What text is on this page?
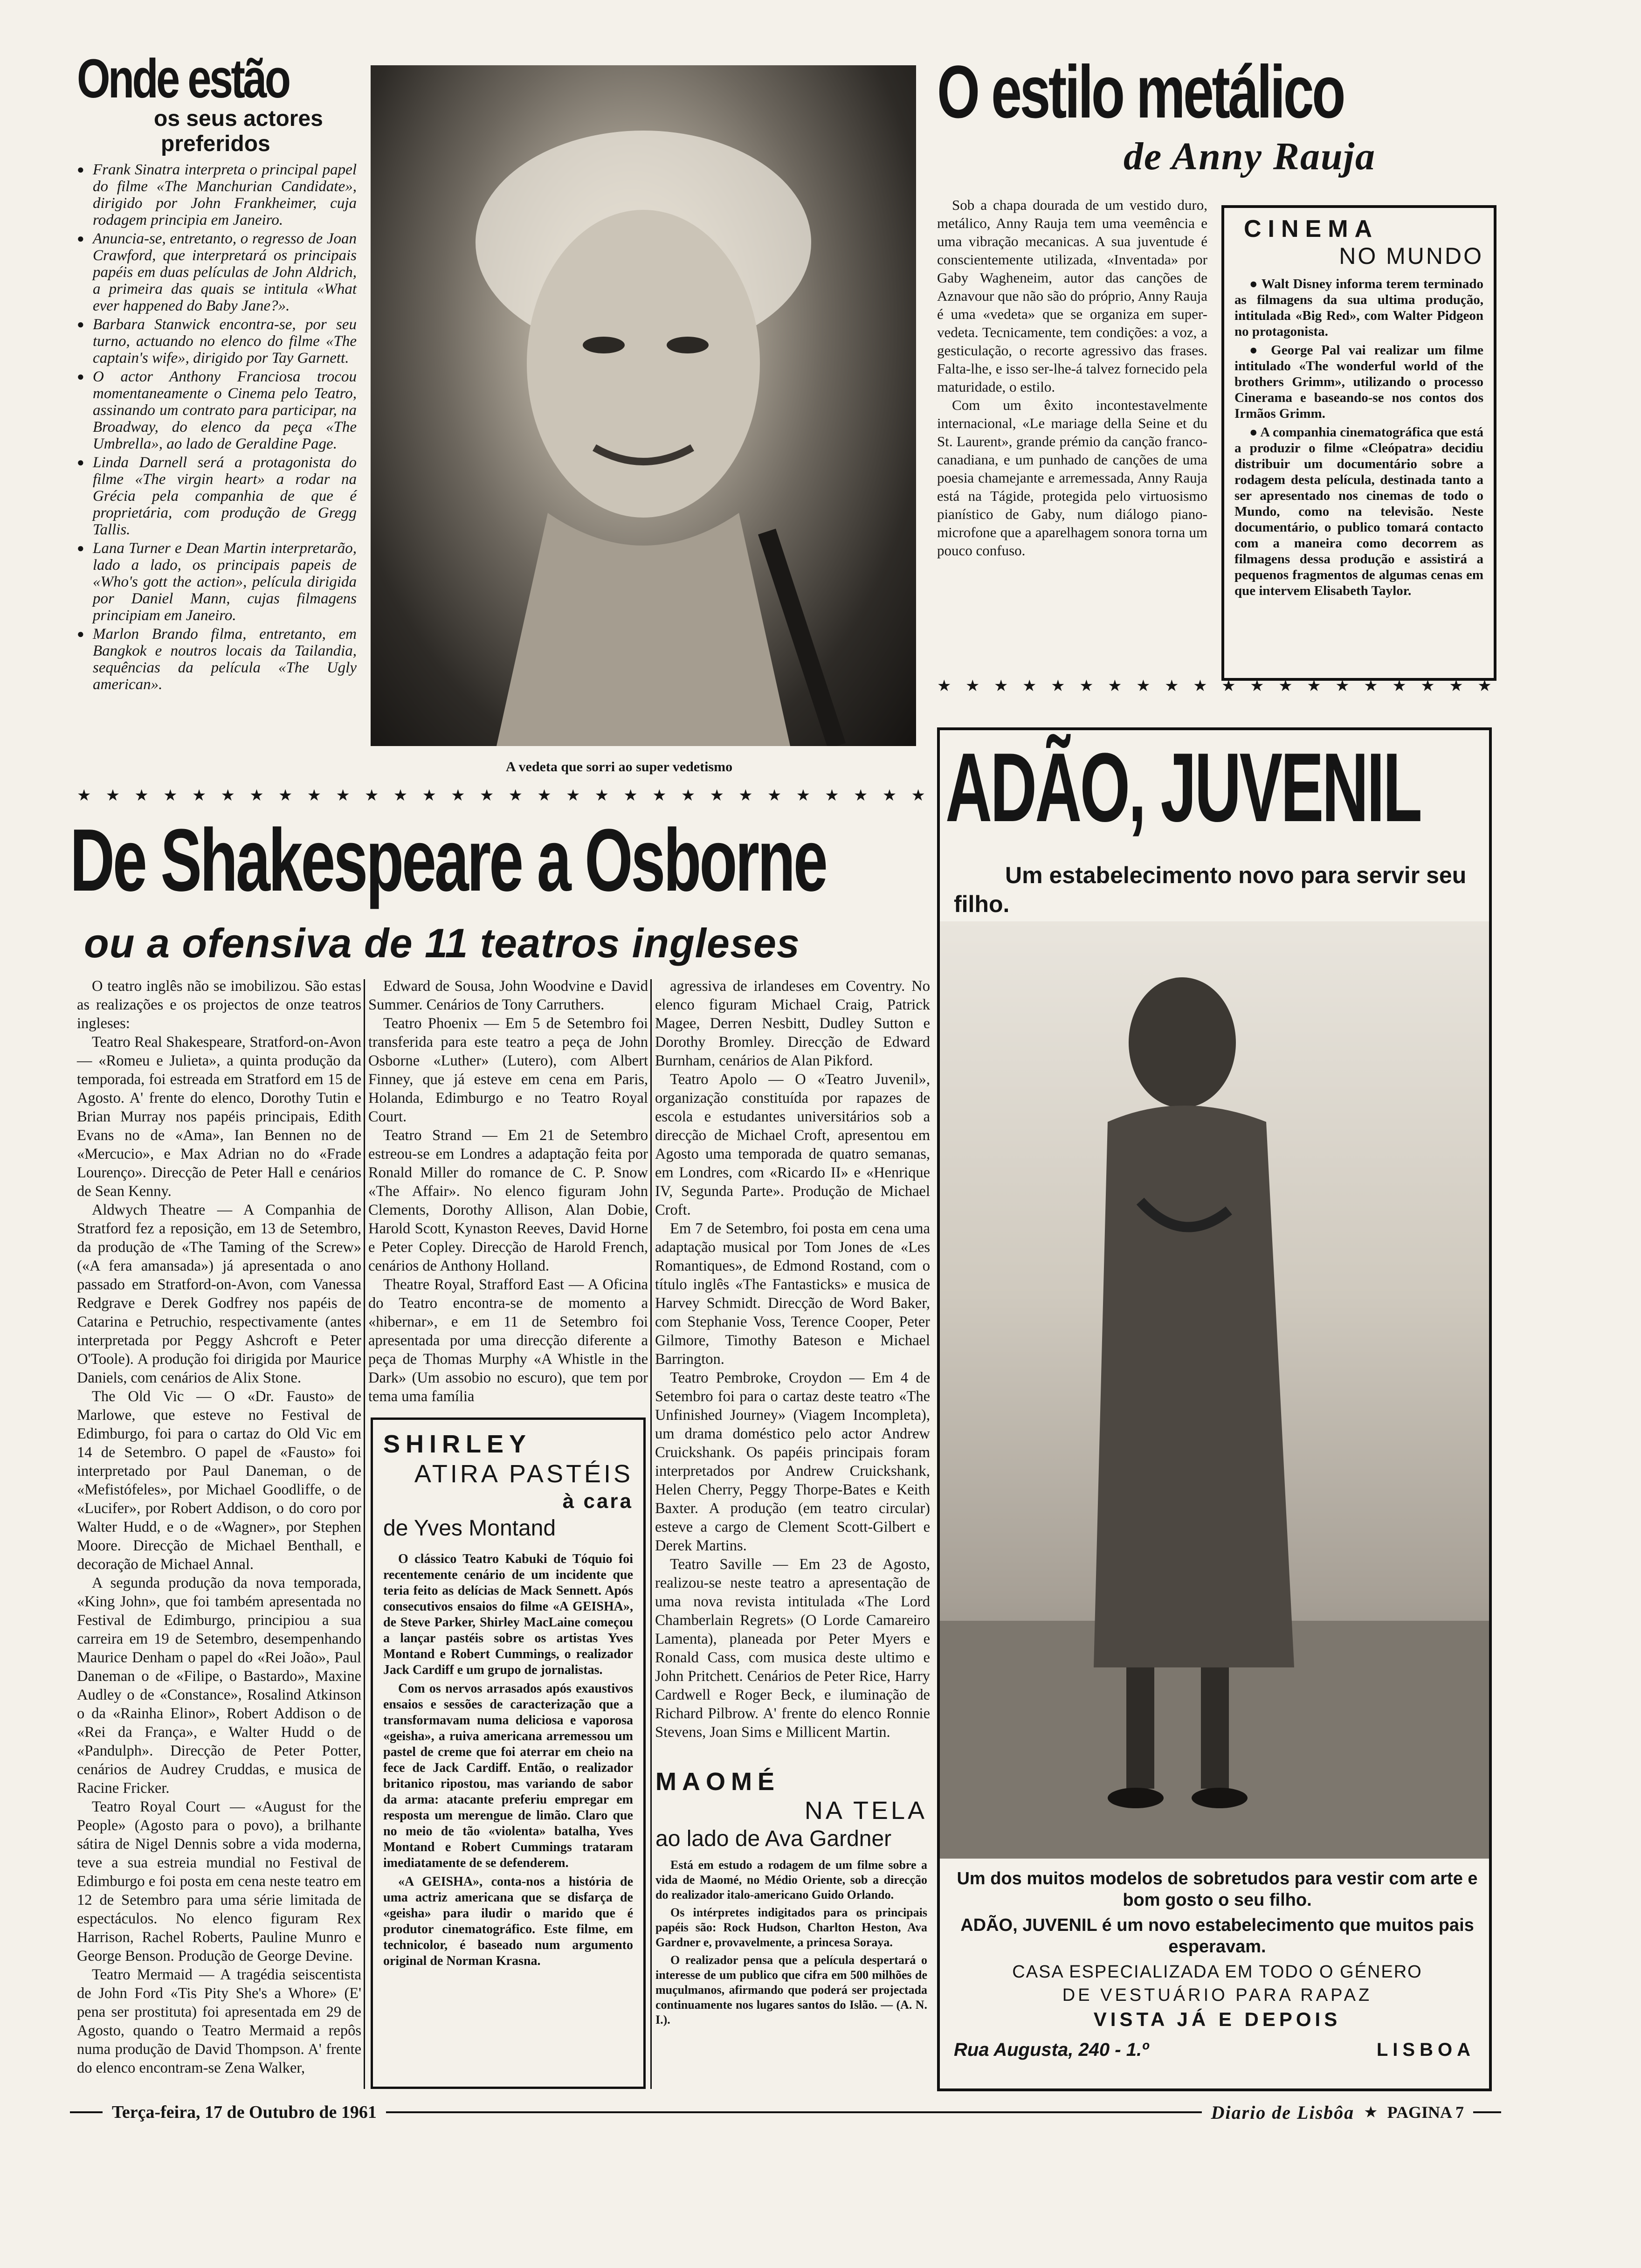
Onde estão
os seus actores
preferidos
● Frank Sinatra interpreta o principal papel do filme «The Manchurian Candidate», dirigido por John Frankheimer, cuja rodagem principia em Janeiro.
● Anuncia-se, entretanto, o regresso de Joan Crawford, que interpretará os principais papéis em duas películas de John Aldrich, a primeira das quais se intitula «What ever happened do Baby Jane?».
● Barbara Stanwick encontra-se, por seu turno, actuando no elenco do filme «The captain's wife», dirigido por Tay Garnett.
● O actor Anthony Franciosa trocou momentaneamente o Cinema pelo Teatro, assinando um contrato para participar, na Broadway, do elenco da peça «The Umbrella», ao lado de Geraldine Page.
● Linda Darnell será a protagonista do filme «The virgin heart» a rodar na Grécia pela companhia de que é proprietária, com produção de Gregg Tallis.
● Lana Turner e Dean Martin interpretarão, lado a lado, os principais papeis de «Who's gott the action», película dirigida por Daniel Mann, cujas filmagens principiam em Janeiro.
● Marlon Brando filma, entretanto, em Bangkok e noutros locais da Tailandia, sequências da película «The Ugly american».
A vedeta que sorri ao super vedetismo
O estilo metálico
de Anny Rauja

Sob a chapa dourada de um vestido duro, metálico, Anny Rauja tem uma veemência e uma vibração mecanicas. A sua juventude é conscientemente utilizada, «Inventada» por Gaby Wagheneim, autor das canções de Aznavour que não são do próprio, Anny Rauja é uma «vedeta» que se organiza em super-vedeta. Tecnicamente, tem condições: a voz, a gesticulação, o recorte agressivo das frases. Falta-lhe, e isso ser-lhe-á talvez fornecido pela maturidade, o estilo.

Com um êxito incontestavelmente internacional, «Le mariage della Seine et du St. Laurent», grande prémio da canção franco-canadiana, e um punhado de canções de uma poesia chamejante e arremessada, Anny Rauja está na Tágide, protegida pelo virtuosismo pianístico de Gaby, num diálogo piano-microfone que a aparelhagem sonora torna um pouco confuso.

CINEMA
NO MUNDO

● Walt Disney informa terem terminado as filmagens da sua ultima produção, intitulada «Big Red», com Walter Pidgeon no protagonista.

● George Pal vai realizar um filme intitulado «The wonderful world of the brothers Grimm», utilizando o processo Cinerama e baseando-se nos contos dos Irmãos Grimm.

● A companhia cinematográfica que está a produzir o filme «Cleópatra» decidiu distribuir um documentário sobre a rodagem desta película, destinada tanto a ser apresentado nos cinemas de todo o Mundo, como na televisão. Neste documentário, o publico tomará contacto com a maneira como decorrem as filmagens dessa produção e assistirá a pequenos fragmentos de algumas cenas em que intervem Elisabeth Taylor.

★ ★ ★ ★ ★ ★ ★ ★ ★ ★ ★ ★ ★ ★ ★ ★ ★ ★ ★ ★
★ ★ ★ ★ ★ ★ ★ ★ ★ ★ ★ ★ ★ ★ ★ ★ ★ ★ ★ ★ ★ ★ ★ ★ ★ ★ ★ ★ ★ ★
De Shakespeare a Osborne
ou a ofensiva de 11 teatros ingleses

O teatro inglês não se imobilizou. São estas as realizações e os projectos de onze teatros ingleses:

Teatro Real Shakespeare, Stratford-on-Avon — «Romeu e Julieta», a quinta produção da temporada, foi estreada em Stratford em 15 de Agosto. A' frente do elenco, Dorothy Tutin e Brian Murray nos papéis principais, Edith Evans no de «Ama», Ian Bennen no de «Mercucio», e Max Adrian no do «Frade Lourenço». Direcção de Peter Hall e cenários de Sean Kenny.

Aldwych Theatre — A Companhia de Stratford fez a reposição, em 13 de Setembro, da produção de «The Taming of the Screw» («A fera amansada») já apresentada o ano passado em Stratford-on-Avon, com Vanessa Redgrave e Derek Godfrey nos papéis de Catarina e Petruchio, respectivamente (antes interpretada por Peggy Ashcroft e Peter O'Toole). A produção foi dirigida por Maurice Daniels, com cenários de Alix Stone.

The Old Vic — O «Dr. Fausto» de Marlowe, que esteve no Festival de Edimburgo, foi para o cartaz do Old Vic em 14 de Setembro. O papel de «Fausto» foi interpretado por Paul Daneman, o de «Mefistófeles», por Michael Goodliffe, o de «Lucifer», por Robert Addison, o do coro por Walter Hudd, e o de «Wagner», por Stephen Moore. Direcção de Michael Benthall, e decoração de Michael Annal.

A segunda produção da nova temporada, «King John», que foi também apresentada no Festival de Edimburgo, principiou a sua carreira em 19 de Setembro, desempenhando Maurice Denham o papel do «Rei João», Paul Daneman o de «Filipe, o Bastardo», Maxine Audley o de «Constance», Rosalind Atkinson o da «Rainha Elinor», Robert Addison o de «Rei da França», e Walter Hudd o de «Pandulph». Direcção de Peter Potter, cenários de Audrey Cruddas, e musica de Racine Fricker.

Teatro Royal Court — «August for the People» (Agosto para o povo), a brilhante sátira de Nigel Dennis sobre a vida moderna, teve a sua estreia mundial no Festival de Edimburgo e foi posta em cena neste teatro em 12 de Setembro para uma série limitada de espectáculos. No elenco figuram Rex Harrison, Rachel Roberts, Pauline Munro e George Benson. Produção de George Devine.

Teatro Mermaid — A tragédia seiscentista de John Ford «Tis Pity She's a Whore» (E' pena ser prostituta) foi apresentada em 29 de Agosto, quando o Teatro Mermaid a repôs numa produção de David Thompson. A' frente do elenco encontram-se Zena Walker,

Edward de Sousa, John Woodvine e David Summer. Cenários de Tony Carruthers.

Teatro Phoenix — Em 5 de Setembro foi transferida para este teatro a peça de John Osborne «Luther» (Lutero), com Albert Finney, que já esteve em cena em Paris, Holanda, Edimburgo e no Teatro Royal Court.

Teatro Strand — Em 21 de Setembro estreou-se em Londres a adaptação feita por Ronald Miller do romance de C. P. Snow «The Affair». No elenco figuram John Clements, Dorothy Allison, Alan Dobie, Harold Scott, Kynaston Reeves, David Horne e Peter Copley. Direcção de Harold French, cenários de Anthony Holland.

Theatre Royal, Strafford East — A Oficina do Teatro encontra-se de momento a «hibernar», e em 11 de Setembro foi apresentada por uma direcção diferente a peça de Thomas Murphy «A Whistle in the Dark» (Um assobio no escuro), que tem por tema uma família

agressiva de irlandeses em Coventry. No elenco figuram Michael Craig, Patrick Magee, Derren Nesbitt, Dudley Sutton e Dorothy Bromley. Direcção de Edward Burnham, cenários de Alan Pikford.

Teatro Apolo — O «Teatro Juvenil», organização constituída por rapazes de escola e estudantes universitários sob a direcção de Michael Croft, apresentou em Agosto uma temporada de quatro semanas, em Londres, com «Ricardo II» e «Henrique IV, Segunda Parte». Produção de Michael Croft.

Em 7 de Setembro, foi posta em cena uma adaptação musical por Tom Jones de «Les Romantiques», de Edmond Rostand, com o título inglês «The Fantasticks» e musica de Harvey Schmidt. Direcção de Word Baker, com Stephanie Voss, Terence Cooper, Peter Gilmore, Timothy Bateson e Michael Barrington.

Teatro Pembroke, Croydon — Em 4 de Setembro foi para o cartaz deste teatro «The Unfinished Journey» (Viagem Incompleta), um drama doméstico pelo actor Andrew Cruickshank. Os papéis principais foram interpretados por Andrew Cruickshank, Helen Cherry, Peggy Thorpe-Bates e Keith Baxter. A produção (em teatro circular) esteve a cargo de Clement Scott-Gilbert e Derek Martins.

Teatro Saville — Em 23 de Agosto, realizou-se neste teatro a apresentação de uma nova revista intitulada «The Lord Chamberlain Regrets» (O Lorde Camareiro Lamenta), planeada por Peter Myers e Ronald Cass, com musica deste ultimo e John Pritchett. Cenários de Peter Rice, Harry Cardwell e Roger Beck, e iluminação de Richard Pilbrow. A' frente do elenco Ronnie Stevens, Joan Sims e Millicent Martin.

SHIRLEY
ATIRA PASTÉIS
à cara
de Yves Montand

O clássico Teatro Kabuki de Tóquio foi recentemente cenário de um incidente que teria feito as delícias de Mack Sennett. Após consecutivos ensaios do filme «A GEISHA», de Steve Parker, Shirley MacLaine começou a lançar pastéis sobre os artistas Yves Montand e Robert Cummings, o realizador Jack Cardiff e um grupo de jornalistas.

Com os nervos arrasados após exaustivos ensaios e sessões de caracterização que a transformavam numa deliciosa e vaporosa «geisha», a ruiva americana arremessou um pastel de creme que foi aterrar em cheio na fece de Jack Cardiff. Então, o realizador britanico ripostou, mas variando de sabor da arma: atacante preferiu empregar em resposta um merengue de limão. Claro que no meio de tão «violenta» batalha, Yves Montand e Robert Cummings trataram imediatamente de se defenderem.

«A GEISHA», conta-nos a história de uma actriz americana que se disfarça de «geisha» para iludir o marido que é produtor cinematográfico. Este filme, em technicolor, é baseado num argumento original de Norman Krasna.

MAOMÉ
NA TELA
ao lado de Ava Gardner

Está em estudo a rodagem de um filme sobre a vida de Maomé, no Médio Oriente, sob a direcção do realizador italo-americano Guido Orlando.

Os intérpretes indigitados para os principais papéis são: Rock Hudson, Charlton Heston, Ava Gardner e, provavelmente, a princesa Soraya.

O realizador pensa que a película despertará o interesse de um publico que cifra em 500 milhões de muçulmanos, afirmando que poderá ser projectada continuamente nos lugares santos do Islão. — (A. N. I.).

ADÃO, JUVENIL
Um estabelecimento novo para servir seu filho.
Um dos muitos modelos de sobretudos para vestir com arte e bom gosto o seu filho.
ADÃO, JUVENIL é um novo estabelecimento que muitos pais esperavam.
CASA ESPECIALIZADA EM TODO O GÉNERO
DE VESTUÁRIO PARA RAPAZ
VISTA JÁ E DEPOIS
Rua Augusta, 240 - 1.º	LISBOA
Terça-feira, 17 de Outubro de 1961	Diario de Lisbôa ★ PAGINA 7
